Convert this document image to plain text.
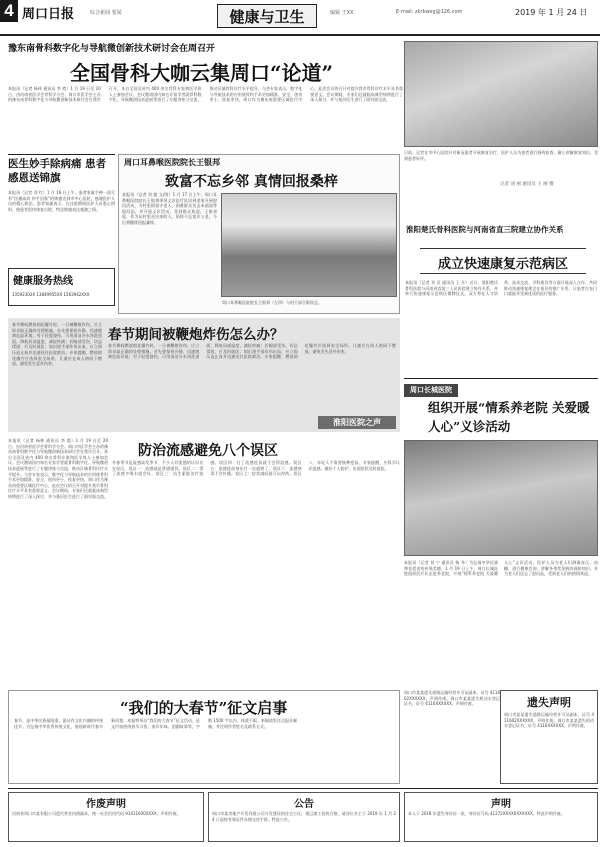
4 周口日报	综合新闻 要闻	健康与卫生	编辑 王XX	E-mail: zkrbwsg@126.com	2019 年 1 月 24 日
豫东南骨科数字化与导航微创新技术研讨会在周召开
全国骨科大咖云集周口“论道”
本报讯（记者 杨林 通讯员 李 霞）1 月 19 日至 20 日，由河南省医学会骨科学分会、周口市医学会主办的豫东南骨科数字化与导航微创新技术研讨会在我市召开。来自全国及省内 400 余名骨科专家和医学界人士参加会议。会议邀请国内知名专家学者就骨科数字化、导航微创技术进展等进行了专题讲座与交流，推动区域骨科诊疗水平提升。与会专家表示，数字化与导航技术的应用使骨科手术更加精准、安全，创伤更小，恢复更快，周口作为豫东南重要区域医疗中心，此次会议的召开对提升我市骨科诊疗水平具有重要意义。会议期间，专家们还就临床典型病例进行了深入探讨，并与基层医生进行了面对面交流。
日前，记者在市中心医院针对新冠患者开展康复治疗，医护人员为患者进行细致检查，耐心讲解康复知识，受到患者好评。
记者 刘 丽 通讯员 王 丽 摄
医生妙手除病痛 患者感恩送锦旗
本报讯（记者 刘 红）1 月 16 日上午，患者家属手捧一面写有“医德高尚 妙手回春”的锦旗送到市中心医院，感谢医护人员的精心救治。患者家属表示，在住院期间医护人员悉心照料，使患者很快康复出院，特送锦旗表达感激之情。
健康服务热线
13592302X 13849955XX 1563942XXX
周口耳鼻喉医院院长王银邦
致富不忘乡邻 真情回报桑梓
本报讯（记者 刘 超 文/图）1 月 17 日上午，周口耳鼻喉医院院长王银邦带领义诊医疗队回到老家开展慰问活动，为村里的留守老人、困难群众送去米面油等慰问品，并开展义诊活动，受到群众欢迎。王银邦说，作为从村里走出来的人，始终不忘家乡父老，今后将继续回报桑梓。
周口耳鼻喉医院院长王银邦（左四）与村干部合影留念。
淮阳楚氏骨科医院与河南省直三院建立协作关系
成立快速康复示范病区
本报讯（记者 刘 洋 通讯员 王 芳）近日，淮阳楚氏骨科医院与河南省直第三人民医院建立协作关系，并举行快速康复示范病区揭牌仪式。双方将在人才培养、技术交流、学科建设等方面开展深入合作，共同推动快速康复理念在基层的推广应用，让患者在家门口就能享受到优质的医疗服务。
春节期间燃放烟花爆竹时，一旦被鞭炮炸伤，应立即采取正确的处理措施。首先要保持冷静，迅速脱离危险环境；对于轻度烧伤，可用清洁冷水冲洗创面，降低局部温度，减轻疼痛；若眼部受伤，切忌揉搓，应及时就医；如出现手部炸伤出血，应立即压迫止血并迅速送往医院救治。专家提醒，燃放烟花爆竹应选择安全场所，儿童应在成人陪同下燃放，避免发生意外伤害。
春节期间被鞭炮炸伤怎么办？
春节期间燃放烟花爆竹时，一旦被鞭炮炸伤，应立即采取正确的处理措施。首先要保持冷静，迅速脱离危险环境；对于轻度烧伤，可用清洁冷水冲洗创面，降低局部温度，减轻疼痛；若眼部受伤，切忌揉搓，应及时就医；如出现手部炸伤出血，应立即压迫止血并迅速送往医院救治。专家提醒，燃放烟花爆竹应选择安全场所，儿童应在成人陪同下燃放，避免发生意外伤害。
淮阳医院之声
周口长城医院
组织开展“情系养老院 关爱暖人心”义诊活动
本报讯（记者 刘 宁 通讯员 杨 冬）为弘扬中华民族尊老爱老的传统美德，1 月 19 日上午，周口长城医院组织医疗队走进养老院，开展“情系养老院 关爱暖人心”义诊活动。医护人员为老人们测量血压、血糖，进行健康咨询，讲解冬季常见病的预防知识，并为老人们送去了慰问品，受到老人们的热情欢迎。
本报讯（记者 杨林 通讯员 李 霞）1 月 19 日至 20 日，由河南省医学会骨科学分会、周口市医学会主办的豫东南骨科数字化与导航微创新技术研讨会在我市召开。来自全国及省内 400 余名骨科专家和医学界人士参加会议。会议邀请国内知名专家学者就骨科数字化、导航微创技术进展等进行了专题讲座与交流，推动区域骨科诊疗水平提升。与会专家表示，数字化与导航技术的应用使骨科手术更加精准、安全，创伤更小，恢复更快，周口作为豫东南重要区域医疗中心，此次会议的召开对提升我市骨科诊疗水平具有重要意义。会议期间，专家们还就临床典型病例进行了深入探讨，并与基层医生进行了面对面交流。
防治流感避免八个误区
冬春季节是流感高发季节，不少人对流感的认识存在误区。误区一：流感就是普通感冒。误区二：得了流感多喝水就会好。误区三：抗生素能治疗流感。误区四：打了流感疫苗就不会得流感。误区五：流感疫苗每年打一次就够了。误区六：流感病毒不会传播。误区七：症状减轻就可以停药。误区八：年轻人不需要接种疫苗。专家提醒，应科学认识流感，做好个人防护，出现症状及时就医。
“我们的大春节”征文启事
春节，是中华民族最隆重、最具有文化内涵的传统佳节。为弘扬中华优秀传统文化，展现新时代春节新风貌，本报特举办“我们的大春节”征文活动。征文内容围绕春节习俗、家乡年味、团圆故事等，字数 1500 字以内，体裁不限。来稿请发送至报社邮箱，并注明作者姓名及联系方式。
周口市某某遗失道路运输经营许可证副本，证号 411602XXXXXX，声明作废。周口市某某遗失机动车登记证书，证号 4116XXXXXX，声明作废。	遗失声明
周口市某某遗失道路运输经营许可证副本，证号 411602XXXXXX，声明作废。周口市某某遗失机动车登记证书，证号 4116XXXXXX，声明作废。
作废声明
河南省周口市某有限公司遗失营业执照副本，统一社会信用代码 91411600XXXX，声明作废。
公告
周口市某房地产开发有限公司开发建设的住宅小区，现已竣工验收合格，请各位业主于 2019 年 1 月 24 日起持有效证件办理交房手续。特此公告。
声明
本人于 2018 年遗失身份证一张，身份证号码 41272XXXXXXXXXXX，特此声明作废。
